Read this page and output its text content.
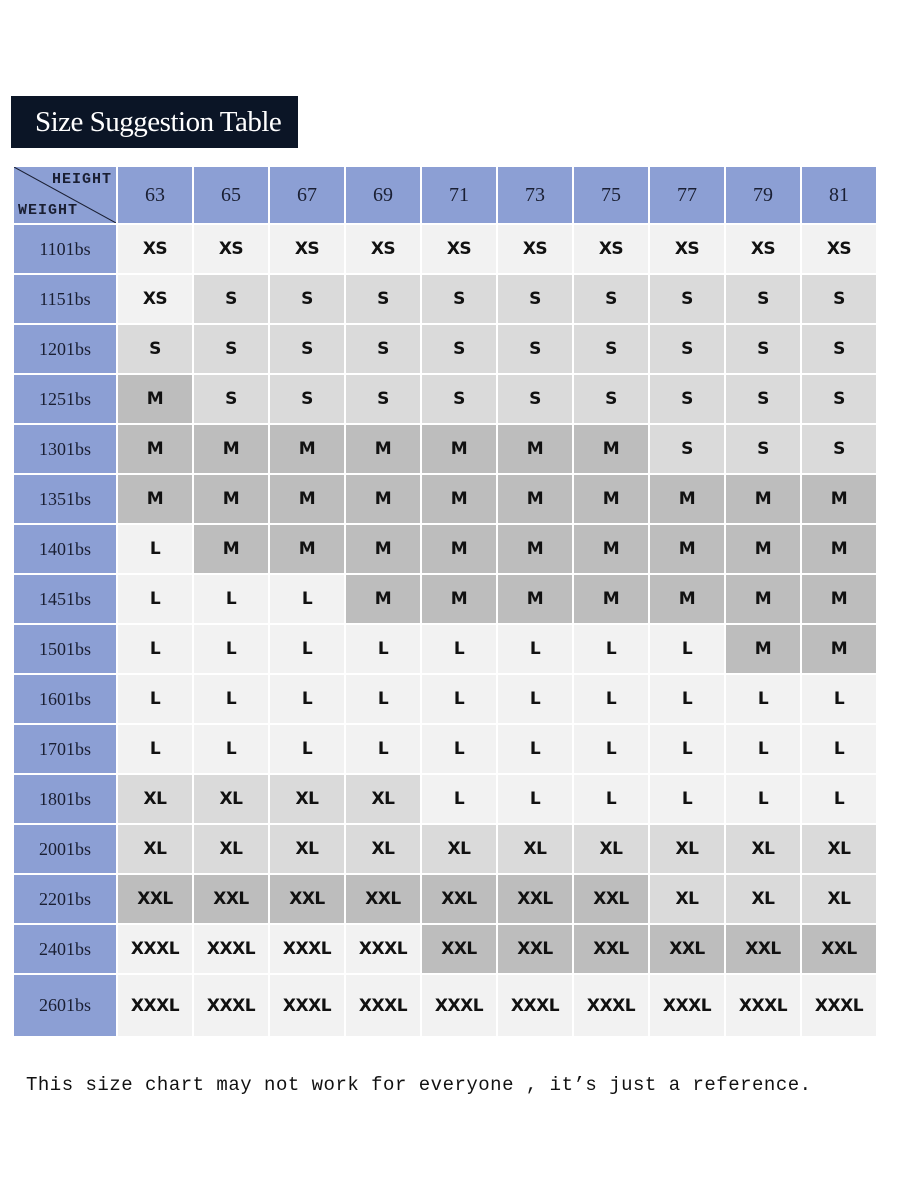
Size Suggestion Table
HEIGHT
WEIGHT	63	65	67	69	71	73	75	77	79	81
1101bs	XS	XS	XS	XS	XS	XS	XS	XS	XS	XS
1151bs	XS	S	S	S	S	S	S	S	S	S
1201bs	S	S	S	S	S	S	S	S	S	S
1251bs	M	S	S	S	S	S	S	S	S	S
1301bs	M	M	M	M	M	M	M	S	S	S
1351bs	M	M	M	M	M	M	M	M	M	M
1401bs	L	M	M	M	M	M	M	M	M	M
1451bs	L	L	L	M	M	M	M	M	M	M
1501bs	L	L	L	L	L	L	L	L	M	M
1601bs	L	L	L	L	L	L	L	L	L	L
1701bs	L	L	L	L	L	L	L	L	L	L
1801bs	XL	XL	XL	XL	L	L	L	L	L	L
2001bs	XL	XL	XL	XL	XL	XL	XL	XL	XL	XL
2201bs	XXL	XXL	XXL	XXL	XXL	XXL	XXL	XL	XL	XL
2401bs	XXXL	XXXL	XXXL	XXXL	XXL	XXL	XXL	XXL	XXL	XXL
2601bs	XXXL	XXXL	XXXL	XXXL	XXXL	XXXL	XXXL	XXXL	XXXL	XXXL
This size chart may not work for everyone , it’s just a reference.
